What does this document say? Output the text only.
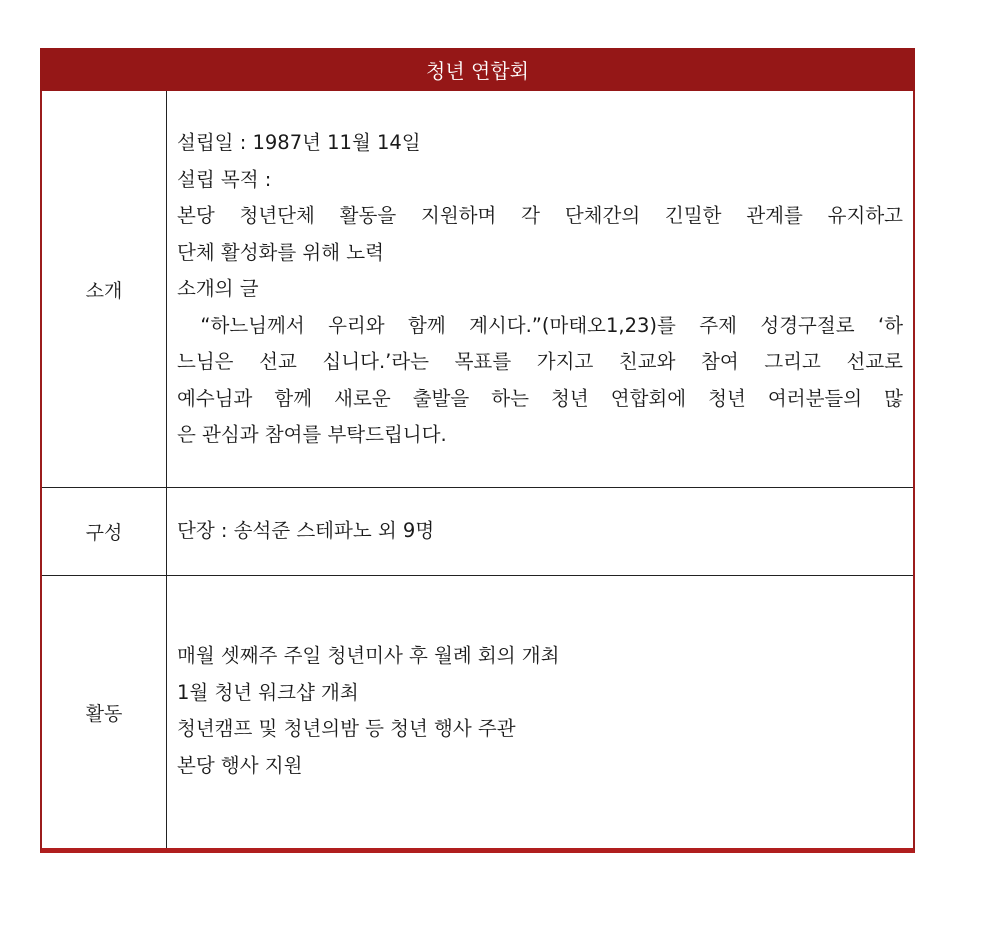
청년 연합회
소개
설립일 : 1987년 11월 14일
설립 목적 :
본당 청년단체 활동을 지원하며 각 단체간의 긴밀한 관계를 유지하고
단체 활성화를 위해 노력
소개의 글
“하느님께서 우리와 함께 계시다.”(마태오1,23)를 주제 성경구절로 ‘하
느님은 선교 십니다.’라는 목표를 가지고 친교와 참여 그리고 선교로
예수님과 함께 새로운 출발을 하는 청년 연합회에 청년 여러분들의 많
은 관심과 참여를 부탁드립니다.
구성	단장 : 송석준 스테파노 외 9명
활동
매월 셋째주 주일 청년미사 후 월례 회의 개최
1월 청년 워크샵 개최
청년캠프 및 청년의밤 등 청년 행사 주관
본당 행사 지원
